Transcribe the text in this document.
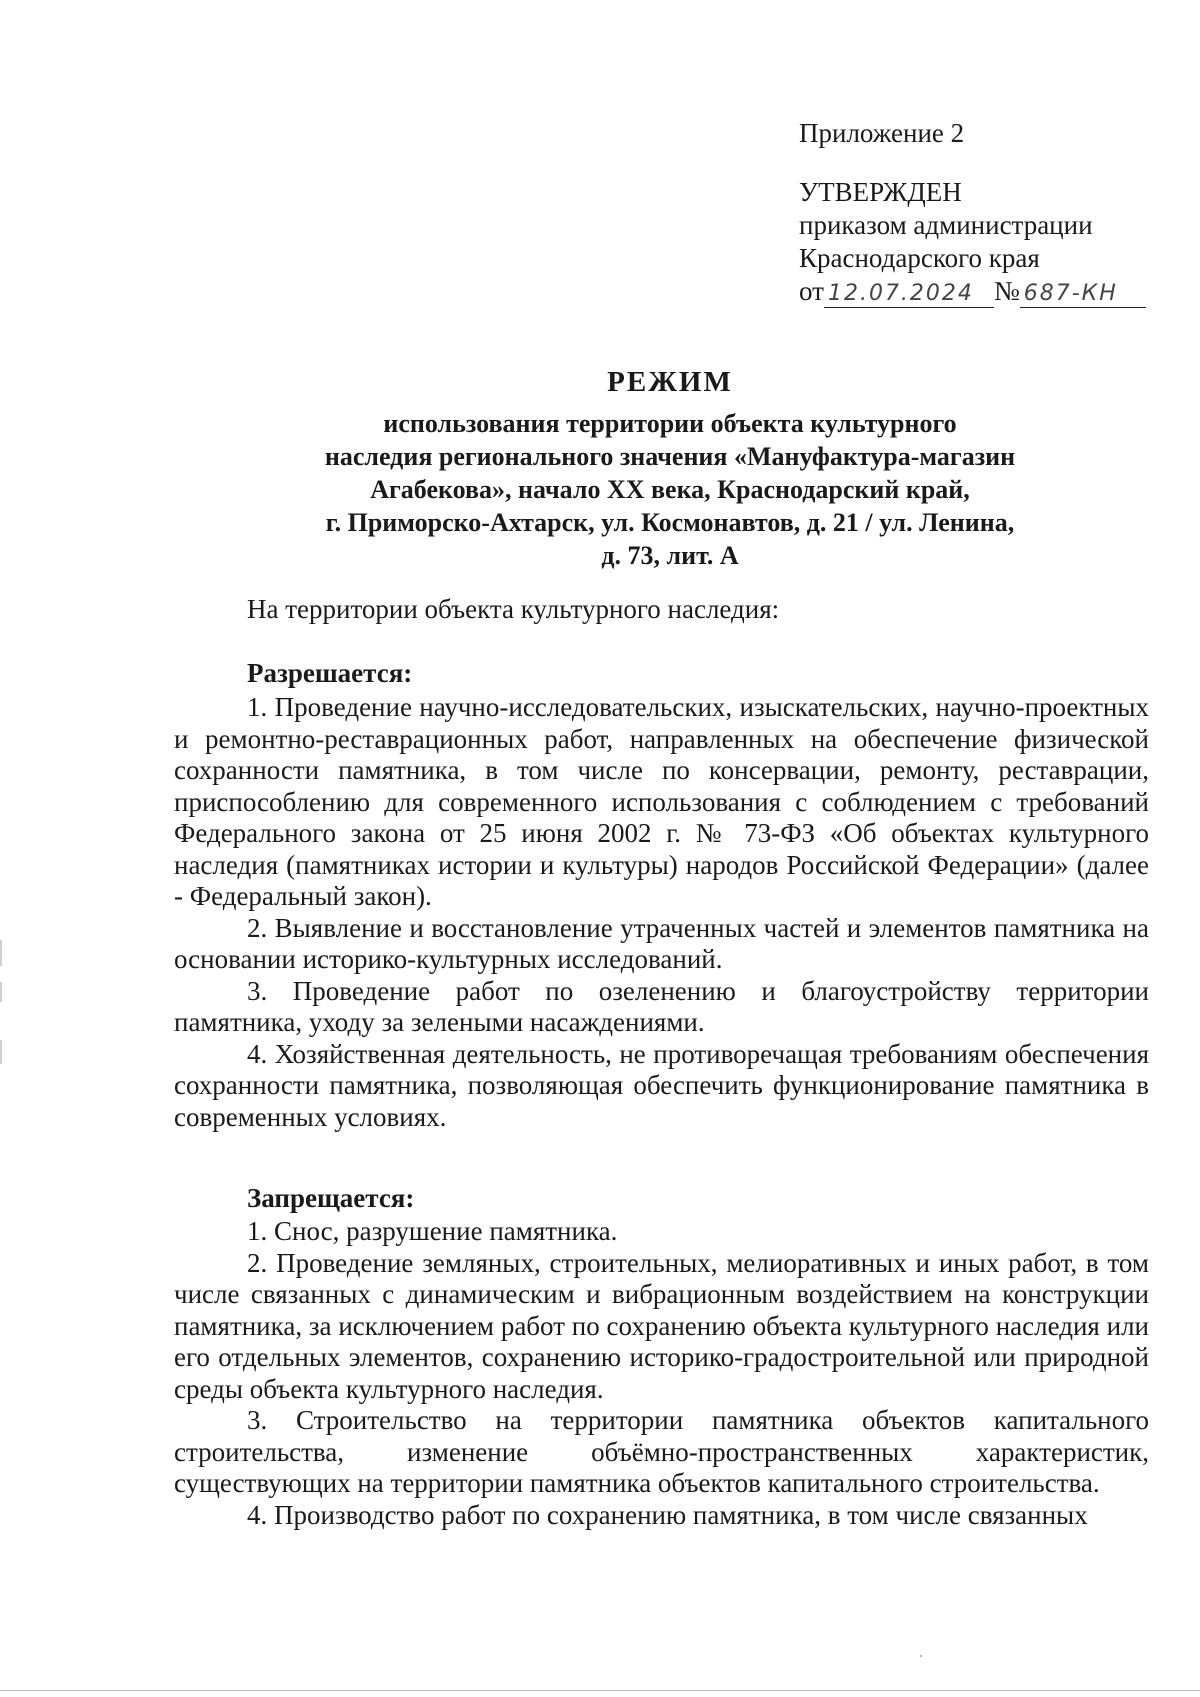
Приложение 2
УТВЕРЖДЕН
приказом администрации
Краснодарского края
от 12.07.2024 № 687-КН
РЕЖИМ
использования территории объекта культурного
наследия регионального значения «Мануфактура-магазин
Агабекова», начало XX века, Краснодарский край,
г. Приморско-Ахтарск, ул. Космонавтов, д. 21 / ул. Ленина,
д. 73, лит. А
На территории объекта культурного наследия:
Разрешается:
1. Проведение научно-исследовательских, изыскательских, научно-проектных и ремонтно-реставрационных работ, направленных на обеспечение физической сохранности памятника, в том числе по консервации, ремонту, реставрации, приспособлению для современного использования с соблюдением с требований Федерального закона от 25 июня 2002 г. № 73-ФЗ «Об объектах культурного наследия (памятниках истории и культуры) народов Российской Федерации» (далее - Федеральный закон).
2. Выявление и восстановление утраченных частей и элементов памятника на основании историко-культурных исследований.
3. Проведение работ по озеленению и благоустройству территории памятника, уходу за зелеными насаждениями.
4. Хозяйственная деятельность, не противоречащая требованиям обеспечения сохранности памятника, позволяющая обеспечить функционирование памятника в современных условиях.
Запрещается:
1. Снос, разрушение памятника.
2. Проведение земляных, строительных, мелиоративных и иных работ, в том числе связанных с динамическим и вибрационным воздействием на конструкции памятника, за исключением работ по сохранению объекта культурного наследия или его отдельных элементов, сохранению историко-градостроительной или природной среды объекта культурного наследия.
3. Строительство на территории памятника объектов капитального строительства, изменение объёмно-пространственных характеристик, существующих на территории памятника объектов капитального строительства.
4. Производство работ по сохранению памятника, в том числе связанных
